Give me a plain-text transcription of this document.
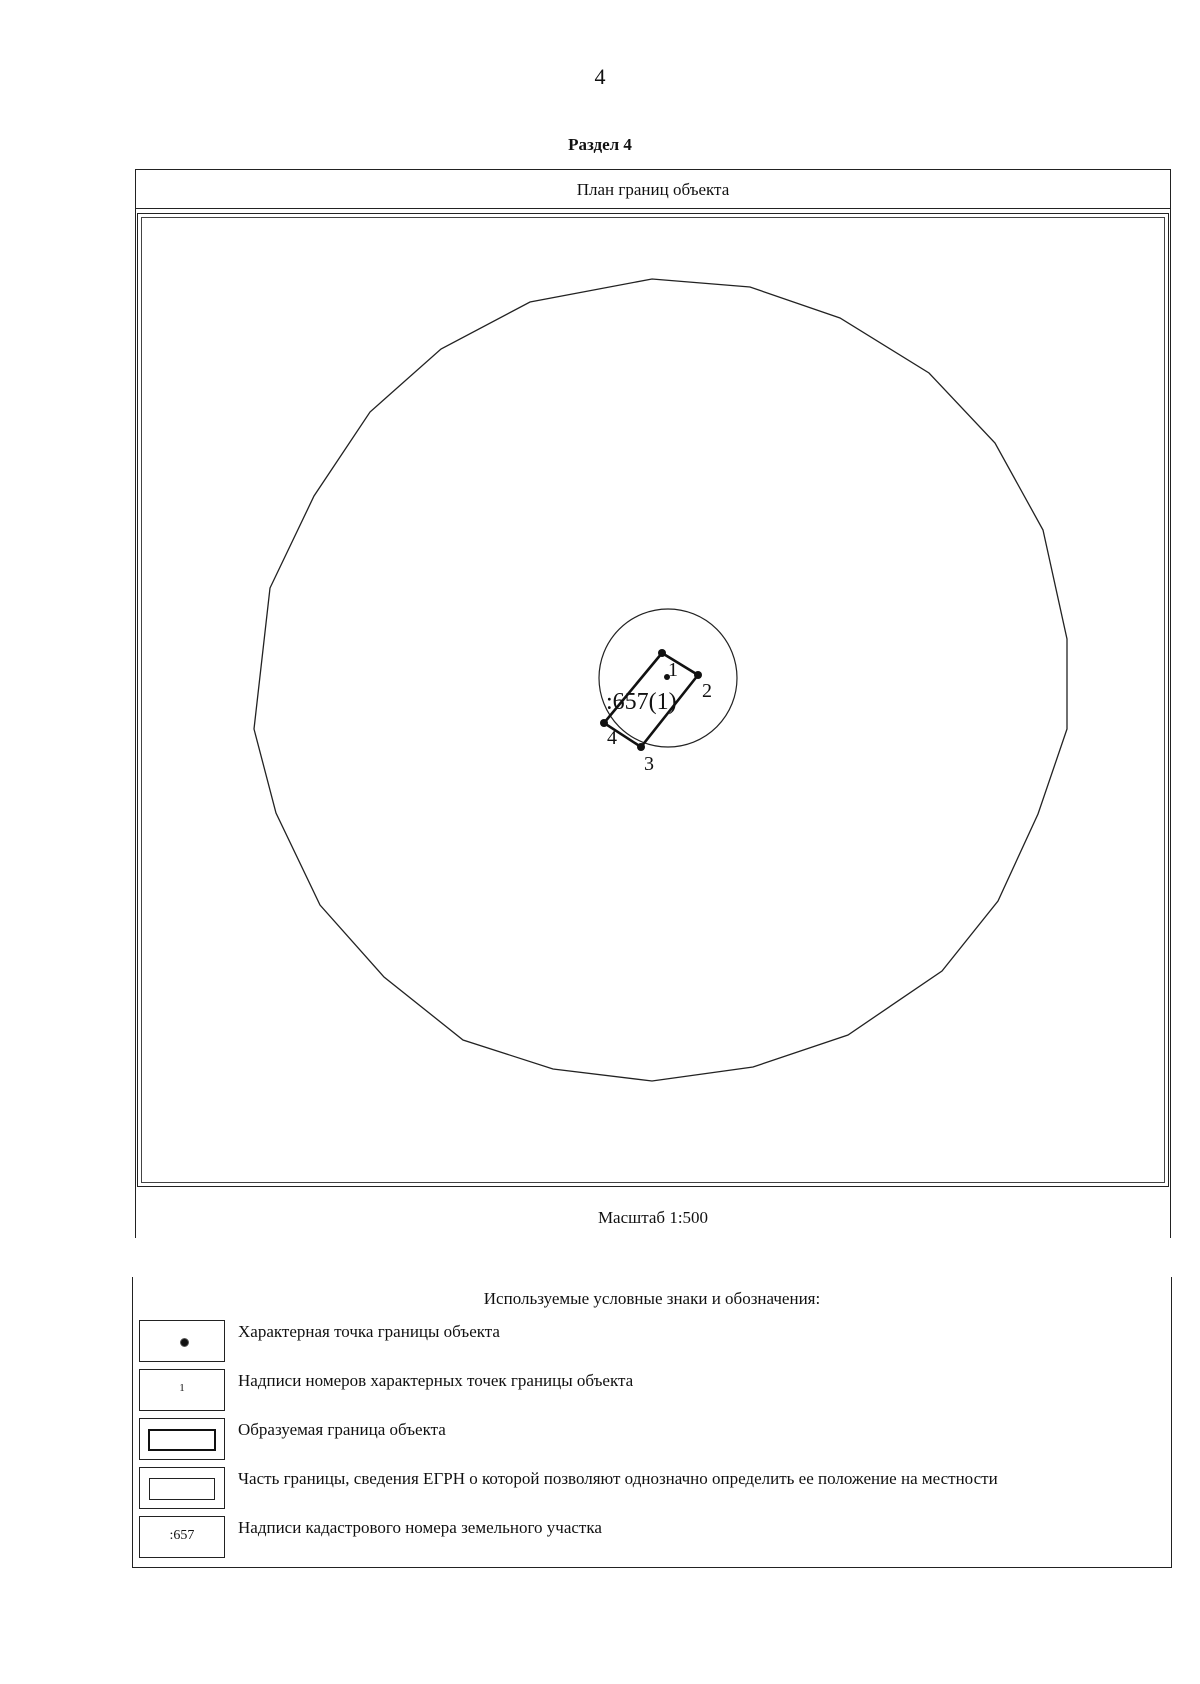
4
Раздел 4
План границ объекта
1
2
3
4
:657(1)
Масштаб 1:500
Используемые условные знаки и обозначения:
Характерная точка границы объекта
1	Надписи номеров характерных точек границы объекта
Образуемая граница объекта
Часть границы, сведения ЕГРН о которой позволяют однозначно определить ее положение на местности
:657	Надписи кадастрового номера земельного участка
